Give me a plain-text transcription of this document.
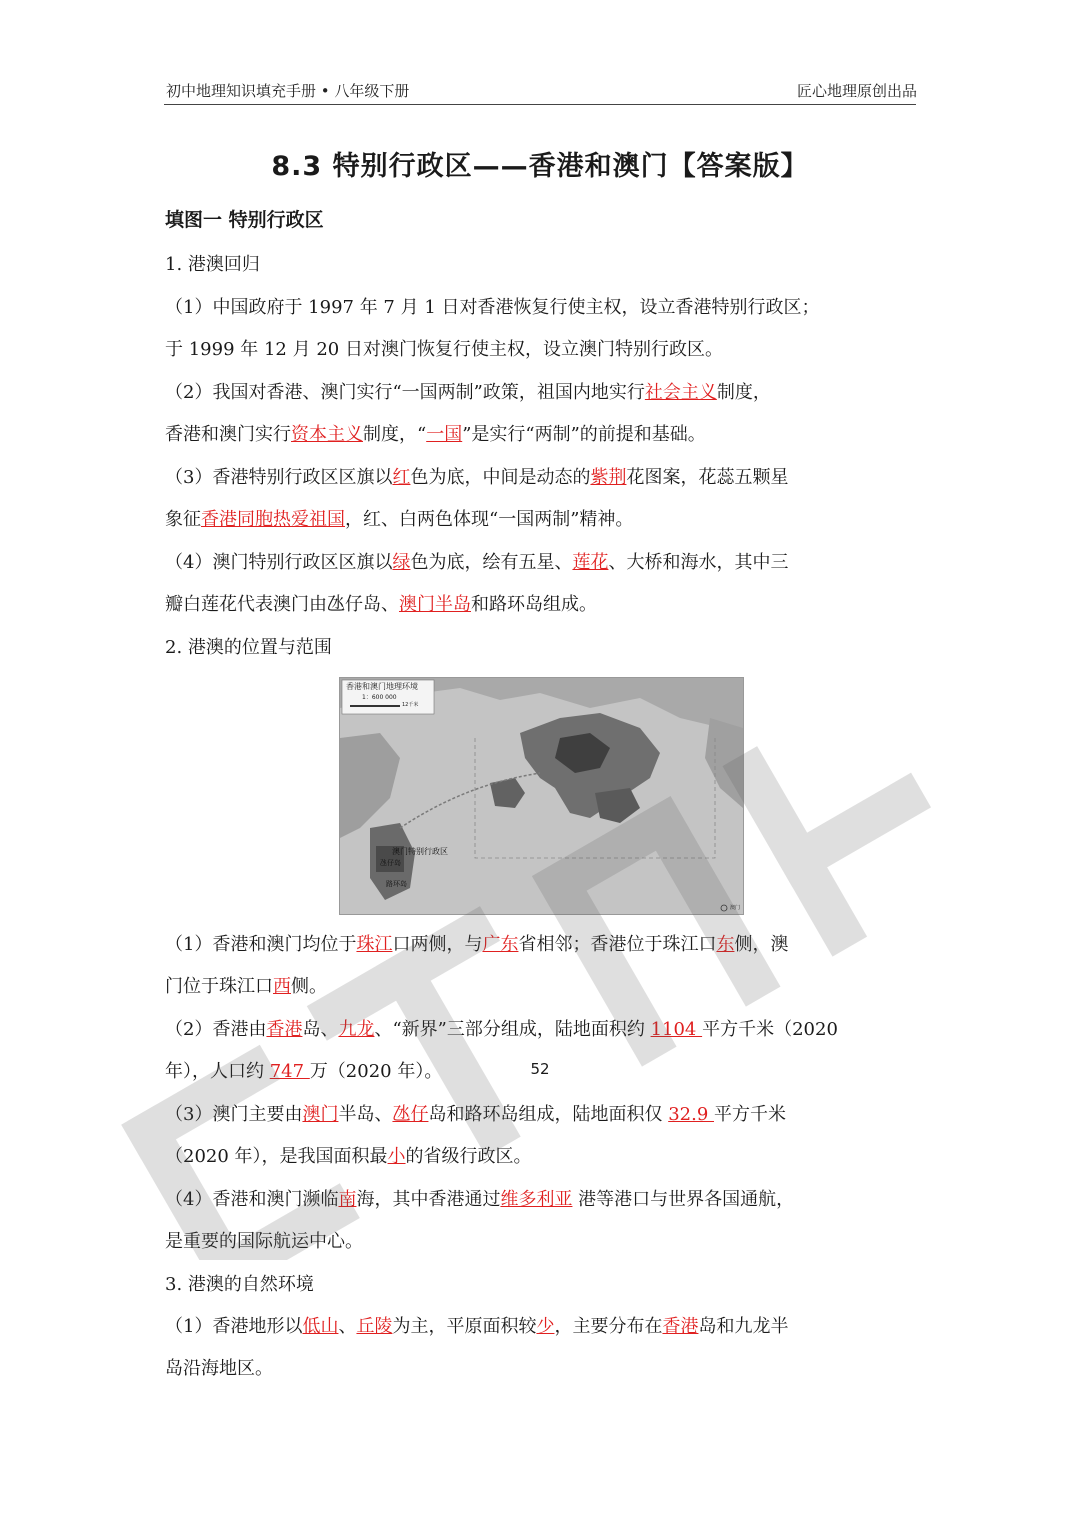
初中地理知识填充手册 • 八年级下册	匠心地理原创出品
8.3 特别行政区——香港和澳门【答案版】
填图一 特别行政区
1. 港澳回归
（1）中国政府于 1997 年 7 月 1 日对香港恢复行使主权，设立香港特别行政区；
于 1999 年 12 月 20 日对澳门恢复行使主权，设立澳门特别行政区。
（2）我国对香港、澳门实行“一国两制”政策，祖国内地实行社会主义制度，
香港和澳门实行资本主义制度，“一国”是实行“两制”的前提和基础。
（3）香港特别行政区区旗以红色为底，中间是动态的紫荆花图案，花蕊五颗星
象征香港同胞热爱祖国，红、白两色体现“一国两制”精神。
（4）澳门特别行政区区旗以绿色为底，绘有五星、莲花、大桥和海水，其中三
瓣白莲花代表澳门由氹仔岛、澳门半岛和路环岛组成。
2. 港澳的位置与范围
香港和澳门地理环境
1：600 000
12千米
澳门特别行政区
氹仔岛
路环岛
澳门
（1）香港和澳门均位于珠江口两侧，与广东省相邻；香港位于珠江口东侧，澳
门位于珠江口西侧。
（2）香港由香港岛、九龙、“新界”三部分组成，陆地面积约 1104 平方千米（2020
年），人口约 747 万（2020 年）。
（3）澳门主要由澳门半岛、氹仔岛和路环岛组成，陆地面积仅 32.9 平方千米
（2020 年），是我国面积最小的省级行政区。
（4）香港和澳门濒临南海，其中香港通过维多利亚 港等港口与世界各国通航，
是重要的国际航运中心。
3. 港澳的自然环境
（1）香港地形以低山、丘陵为主，平原面积较少，主要分布在香港岛和九龙半
岛沿海地区。
52
